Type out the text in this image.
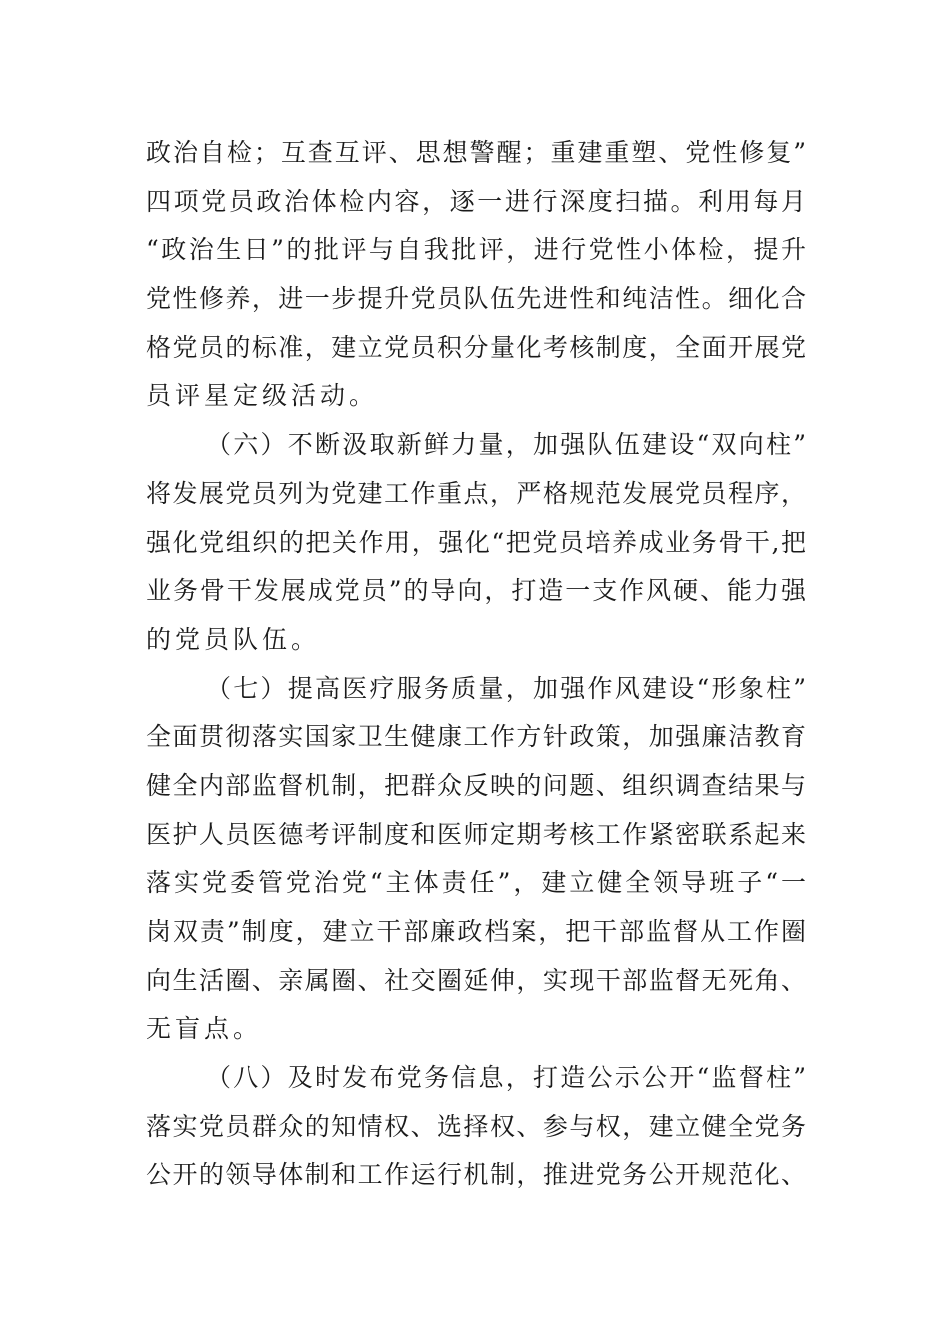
政治自检；互查互评、思想警醒；重建重塑、党性修复”
四项党员政治体检内容，逐一进行深度扫描。利用每月
“政治生日”的批评与自我批评，进行党性小体检，提升
党性修养，进一步提升党员队伍先进性和纯洁性。细化合
格党员的标准，建立党员积分量化考核制度，全面开展党
员评星定级活动。
（六）不断汲取新鲜力量，加强队伍建设“双向柱”
将发展党员列为党建工作重点，严格规范发展党员程序，
强化党组织的把关作用，强化“把党员培养成业务骨干,把
业务骨干发展成党员”的导向，打造一支作风硬、能力强
的党员队伍。
（七）提高医疗服务质量，加强作风建设“形象柱”
全面贯彻落实国家卫生健康工作方针政策，加强廉洁教育
健全内部监督机制，把群众反映的问题、组织调查结果与
医护人员医德考评制度和医师定期考核工作紧密联系起来
落实党委管党治党“主体责任”，建立健全领导班子“一
岗双责”制度，建立干部廉政档案，把干部监督从工作圈
向生活圈、亲属圈、社交圈延伸，实现干部监督无死角、
无盲点。
（八）及时发布党务信息，打造公示公开“监督柱”
落实党员群众的知情权、选择权、参与权，建立健全党务
公开的领导体制和工作运行机制，推进党务公开规范化、
